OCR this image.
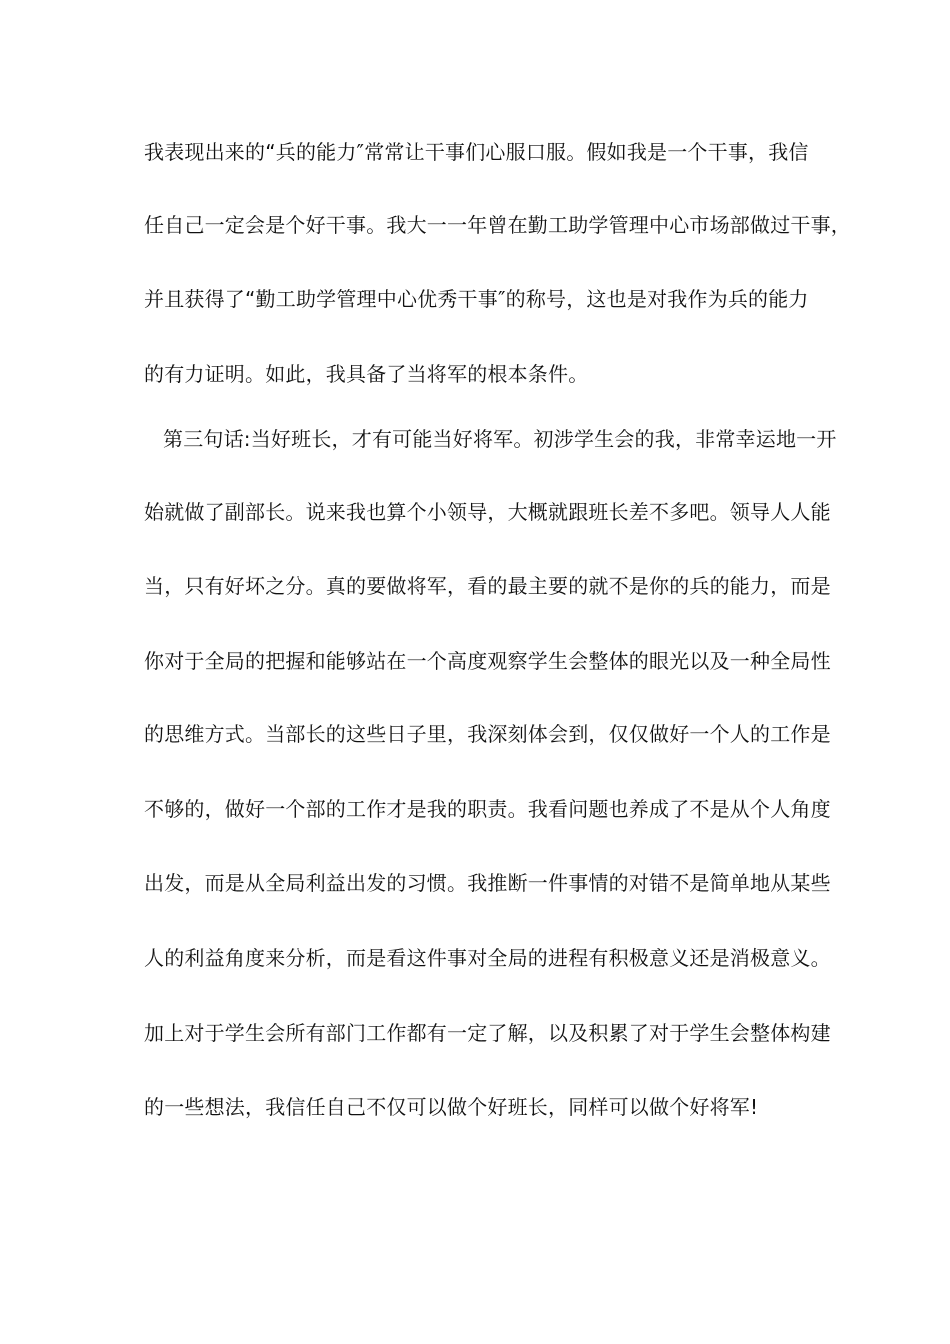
我表现出来的“兵的能力″常常让干事们心服口服。假如我是一个干事，我信
任自己一定会是个好干事。我大一一年曾在勤工助学管理中心市场部做过干事，
并且获得了“勤工助学管理中心优秀干事″的称号，这也是对我作为兵的能力
的有力证明。如此，我具备了当将军的根本条件。
第三句话:当好班长，才有可能当好将军。初涉学生会的我，非常幸运地一开
始就做了副部长。说来我也算个小领导，大概就跟班长差不多吧。领导人人能
当，只有好坏之分。真的要做将军，看的最主要的就不是你的兵的能力，而是
你对于全局的把握和能够站在一个高度观察学生会整体的眼光以及一种全局性
的思维方式。当部长的这些日子里，我深刻体会到，仅仅做好一个人的工作是
不够的，做好一个部的工作才是我的职责。我看问题也养成了不是从个人角度
出发，而是从全局利益出发的习惯。我推断一件事情的对错不是简单地从某些
人的利益角度来分析，而是看这件事对全局的进程有积极意义还是消极意义。
加上对于学生会所有部门工作都有一定了解，以及积累了对于学生会整体构建
的一些想法，我信任自己不仅可以做个好班长，同样可以做个好将军!
